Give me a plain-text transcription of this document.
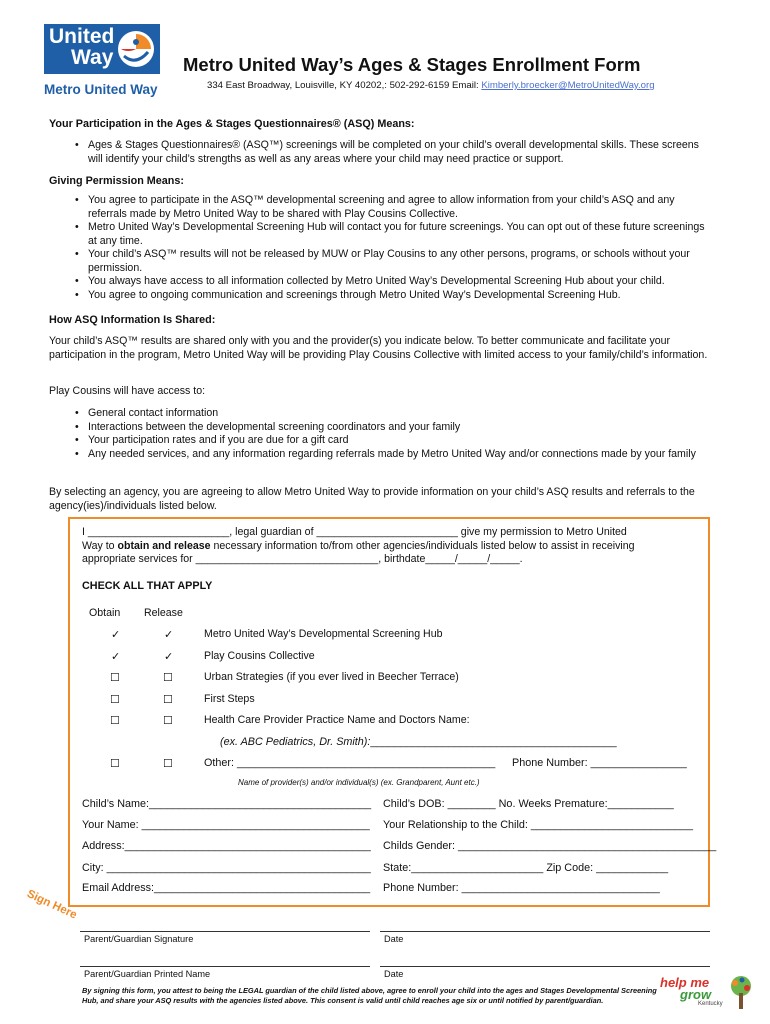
United
Way
Metro United Way
Metro United Way’s Ages & Stages Enrollment Form
334 East Broadway, Louisville, KY 40202,: 502-292-6159 Email: Kimberly.broecker@MetroUnitedWay.org
Your Participation in the Ages & Stages Questionnaires® (ASQ) Means:
• Ages & Stages Questionnaires® (ASQ™) screenings will be completed on your child’s overall developmental skills. These screens will identify your child’s strengths as well as any areas where your child may need practice or support.
Giving Permission Means:
• You agree to participate in the ASQ™ developmental screening and agree to allow information from your child’s ASQ and any referrals made by Metro United Way to be shared with Play Cousins Collective.
• Metro United Way’s Developmental Screening Hub will contact you for future screenings. You can opt out of these future screenings at any time.
• Your child’s ASQ™ results will not be released by MUW or Play Cousins to any other persons, programs, or schools without your permission.
• You always have access to all information collected by Metro United Way’s Developmental Screening Hub about your child.
• You agree to ongoing communication and screenings through Metro United Way’s Developmental Screening Hub.
How ASQ Information Is Shared:
Your child’s ASQ™ results are shared only with you and the provider(s) you indicate below. To better communicate and facilitate your participation in the program, Metro United Way will be providing Play Cousins Collective with limited access to your family/child’s information.
Play Cousins will have access to:
• General contact information
• Interactions between the developmental screening coordinators and your family
• Your participation rates and if you are due for a gift card
• Any needed services, and any information regarding referrals made by Metro United Way and/or connections made by your family
By selecting an agency, you are agreeing to allow Metro United Way to provide information on your child’s ASQ results and referrals to the agency(ies)/individuals listed below.
I ________________________, legal guardian of ________________________ give my permission to Metro United
Way to obtain and release necessary information to/from other agencies/individuals listed below to assist in receiving
appropriate services for _______________________________, birthdate_____/_____/_____.
CHECK ALL THAT APPLY
Obtain Release
✓	✓	Metro United Way’s Developmental Screening Hub
✓	✓	Play Cousins Collective
☐	☐	Urban Strategies (if you ever lived in Beecher Terrace)
☐	☐	First Steps
☐	☐	Health Care Provider Practice Name and Doctors Name:
(ex. ABC Pediatrics, Dr. Smith):_________________________________________
☐	☐	Other: ___________________________________________ Phone Number: ________________
Name of provider(s) and/or individual(s) (ex. Grandparent, Aunt etc.)
Child’s Name:_____________________________________ Child’s DOB: ________ No. Weeks Premature:___________
Your Name: ______________________________________ Your Relationship to the Child: ___________________________
Address:_________________________________________ Childs Gender: ___________________________________________
City: ____________________________________________ State:______________________ Zip Code: ____________
Email Address:____________________________________ Phone Number: _________________________________
Sign Here
Parent/Guardian Signature	Date
Parent/Guardian Printed Name	Date
By signing this form, you attest to being the LEGAL guardian of the child listed above, agree to enroll your child into the ages and Stages Developmental Screening Hub, and share your ASQ results with the agencies listed above. This consent is valid until child reaches age six or until notified by parent/guardian.
help me
grow
Kentucky
